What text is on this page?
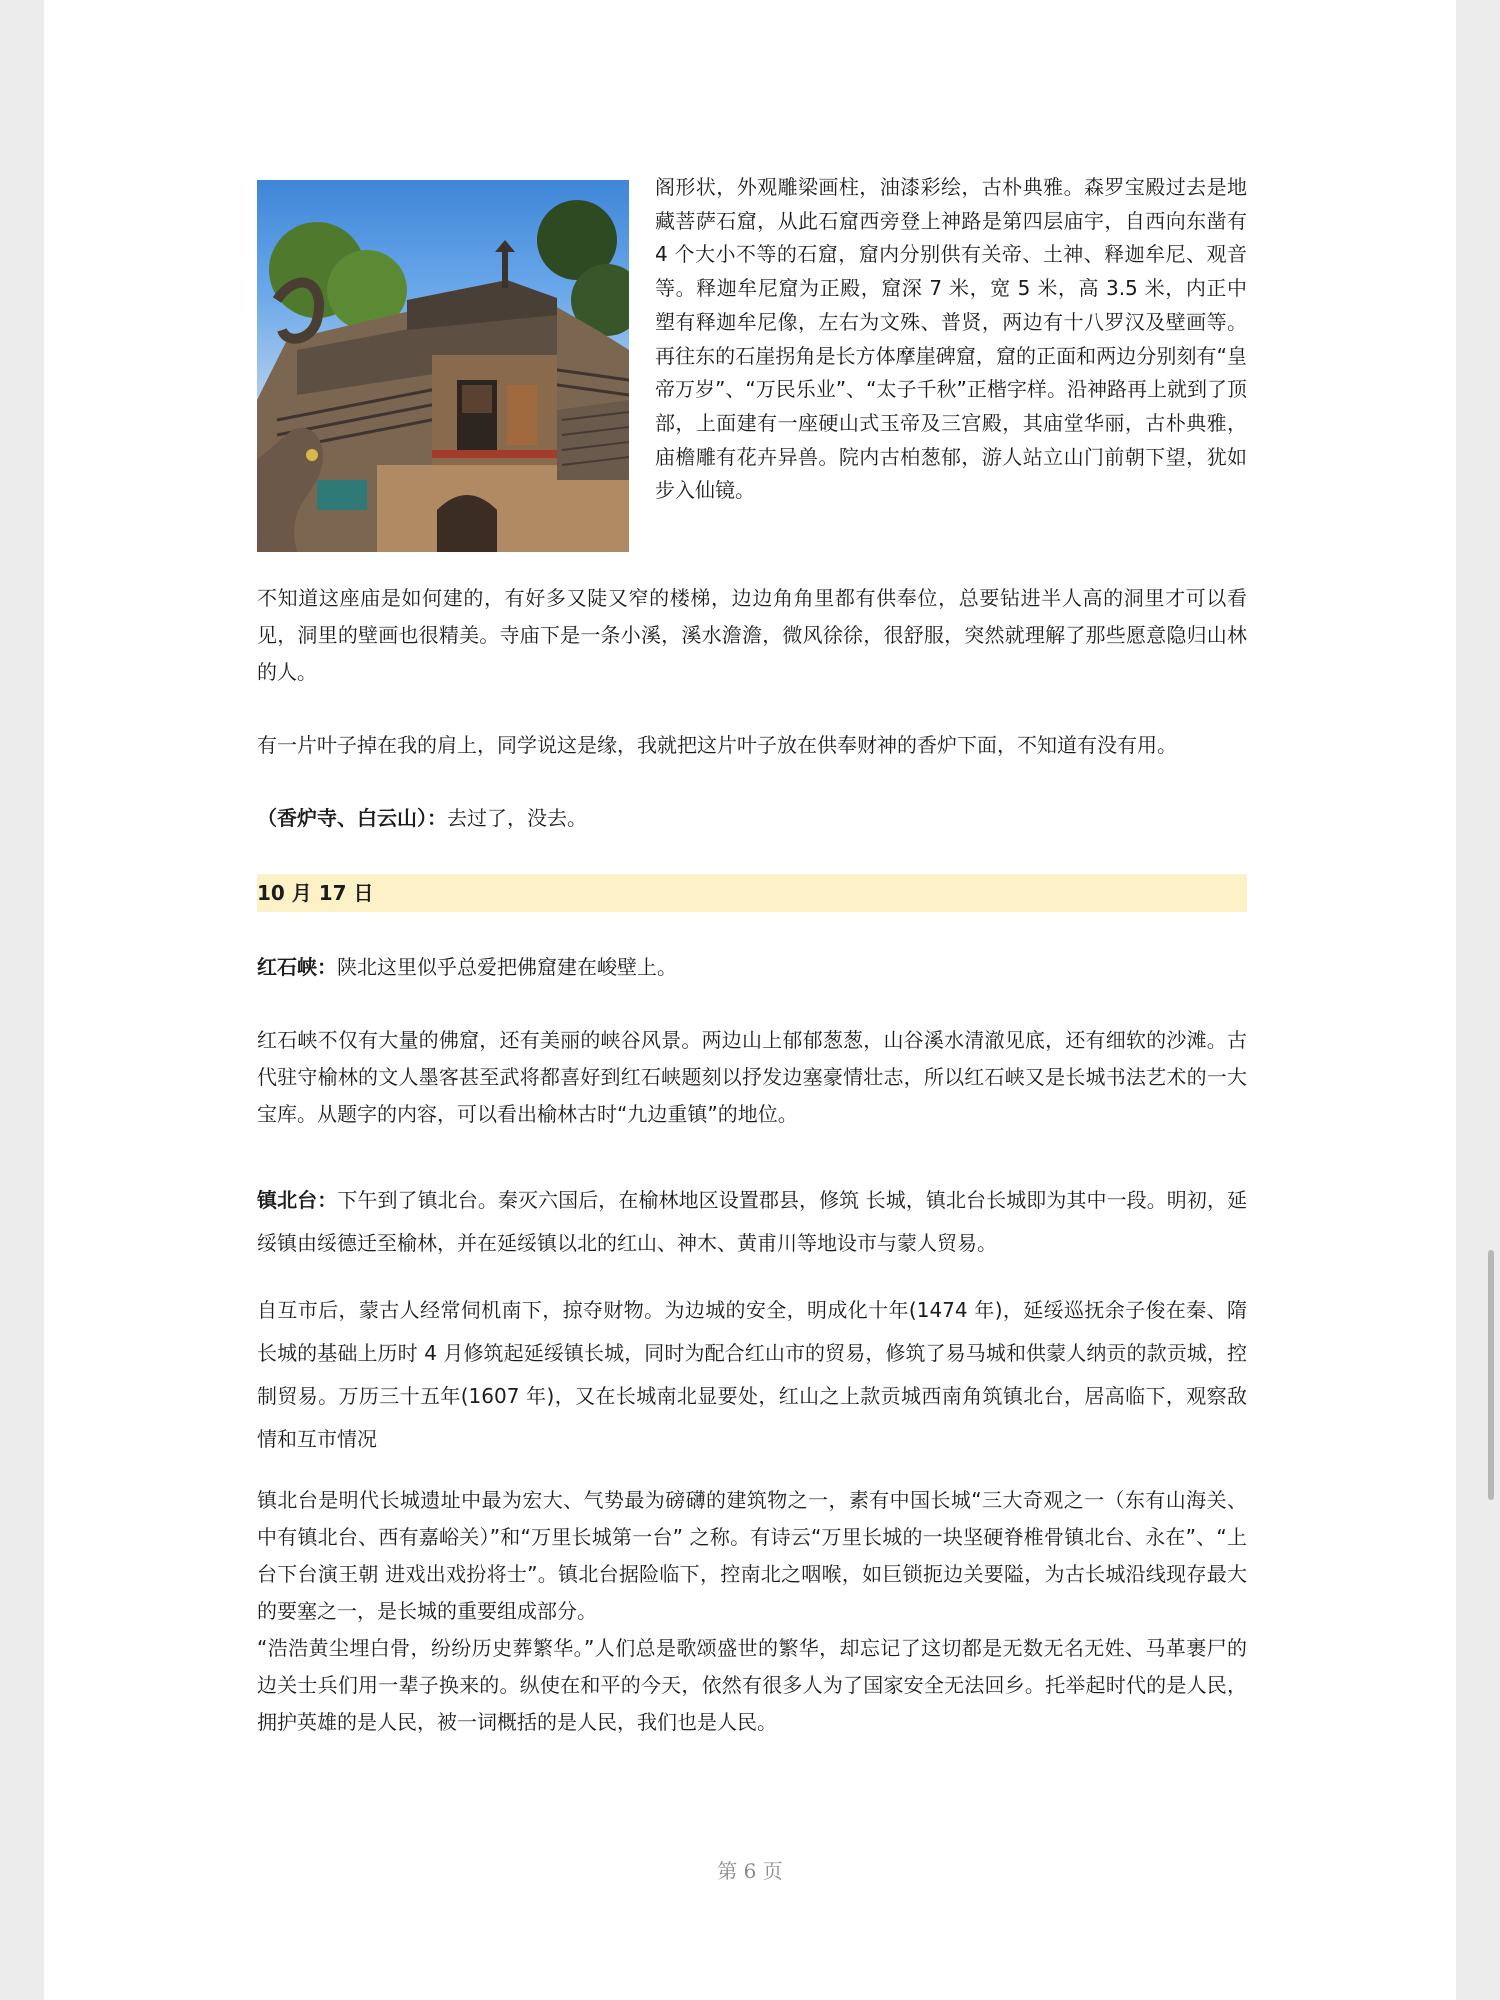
阁形状，外观雕梁画柱，油漆彩绘，古朴典雅。森罗宝殿过去是地藏菩萨石窟，从此石窟西旁登上神路是第四层庙宇，自西向东凿有 4 个大小不等的石窟，窟内分别供有关帝、土神、释迦牟尼、观音等。释迦牟尼窟为正殿，窟深 7 米，宽 5 米，高 3.5 米，内正中塑有释迦牟尼像，左右为文殊、普贤，两边有十八罗汉及壁画等。再往东的石崖拐角是长方体摩崖碑窟，窟的正面和两边分别刻有“皇帝万岁”、“万民乐业”、“太子千秋”正楷字样。沿神路再上就到了顶部，上面建有一座硬山式玉帝及三宫殿，其庙堂华丽，古朴典雅，庙檐雕有花卉异兽。院内古柏葱郁，游人站立山门前朝下望，犹如步入仙镜。

不知道这座庙是如何建的，有好多又陡又窄的楼梯，边边角角里都有供奉位，总要钻进半人高的洞里才可以看见，洞里的壁画也很精美。寺庙下是一条小溪，溪水澹澹，微风徐徐，很舒服，突然就理解了那些愿意隐归山林的人。

有一片叶子掉在我的肩上，同学说这是缘，我就把这片叶子放在供奉财神的香炉下面，不知道有没有用。

（香炉寺、白云山）：去过了，没去。

10 月 17 日

红石峡：陕北这里似乎总爱把佛窟建在峻壁上。

红石峡不仅有大量的佛窟，还有美丽的峡谷风景。两边山上郁郁葱葱，山谷溪水清澈见底，还有细软的沙滩。古代驻守榆林的文人墨客甚至武将都喜好到红石峡题刻以抒发边塞豪情壮志，所以红石峡又是长城书法艺术的一大宝库。从题字的内容，可以看出榆林古时“九边重镇”的地位。

镇北台：下午到了镇北台。秦灭六国后，在榆林地区设置郡县，修筑 长城，镇北台长城即为其中一段。明初，延绥镇由绥德迁至榆林，并在延绥镇以北的红山、神木、黄甫川等地设市与蒙人贸易。

自互市后，蒙古人经常伺机南下，掠夺财物。为边城的安全，明成化十年(1474 年)，延绥巡抚余子俊在秦、隋长城的基础上历时 4 月修筑起延绥镇长城，同时为配合红山市的贸易，修筑了易马城和供蒙人纳贡的款贡城，控制贸易。万历三十五年(1607 年)，又在长城南北显要处，红山之上款贡城西南角筑镇北台，居高临下，观察敌情和互市情况

镇北台是明代长城遗址中最为宏大、气势最为磅礴的建筑物之一，素有中国长城“三大奇观之一（东有山海关、中有镇北台、西有嘉峪关）”和“万里长城第一台” 之称。有诗云“万里长城的一块坚硬脊椎骨镇北台、永在”、“上台下台演王朝 进戏出戏扮将士”。镇北台据险临下，控南北之咽喉，如巨锁扼边关要隘，为古长城沿线现存最大的要塞之一，是长城的重要组成部分。

“浩浩黄尘埋白骨，纷纷历史葬繁华。”人们总是歌颂盛世的繁华，却忘记了这切都是无数无名无姓、马革裹尸的边关士兵们用一辈子换来的。纵使在和平的今天，依然有很多人为了国家安全无法回乡。托举起时代的是人民，拥护英雄的是人民，被一词概括的是人民，我们也是人民。

第 6 页
